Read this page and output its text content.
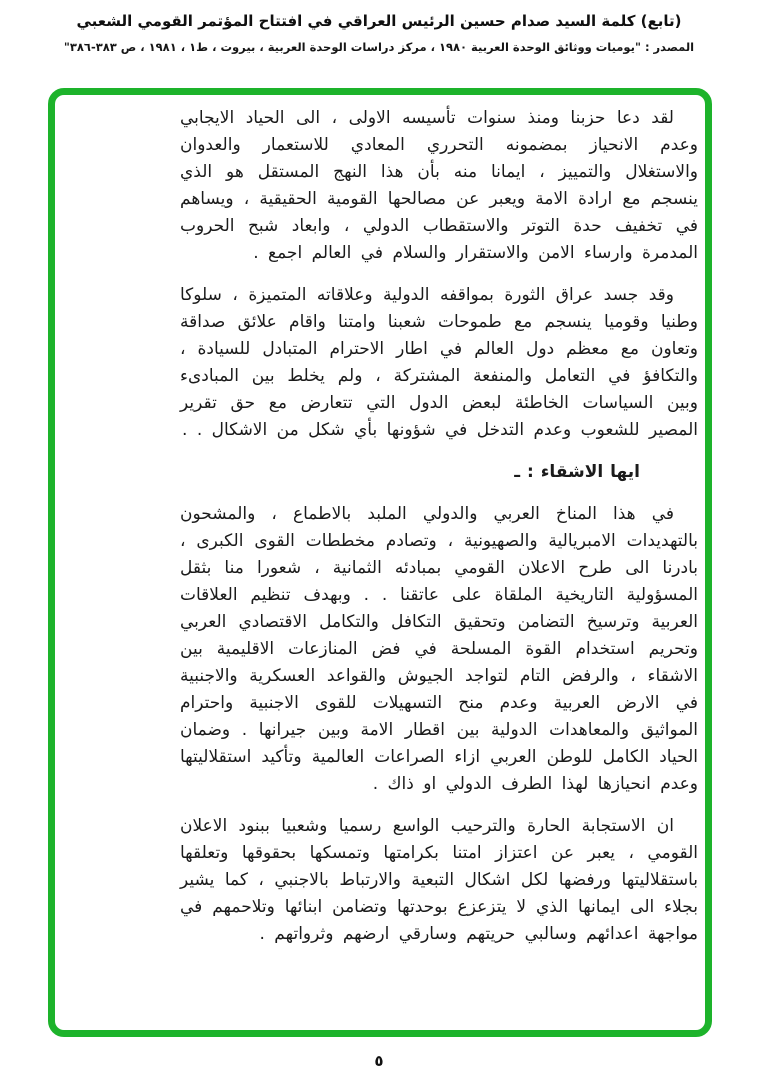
(تابع) كلمة السيد صدام حسين الرئيس العراقي في افتتاح المؤتمر القومي الشعبي
المصدر : "يوميات ووثائق الوحدة العربية ١٩٨٠ ، مركز دراسات الوحدة العربية ، بيروت ، ط١ ، ١٩٨١ ، ص ٣٨٣-٣٨٦"

لقد دعا حزبنا ومنذ سنوات تأسيسه الاولى ، الى الحياد الايجابي وعدم الانحياز بمضمونه التحرري المعادي للاستعمار والعدوان والاستغلال والتمييز ، ايمانا منه بأن هذا النهج المستقل هو الذي ينسجم مع ارادة الامة ويعبر عن مصالحها القومية الحقيقية ، ويساهم في تخفيف حدة التوتر والاستقطاب الدولي ، وابعاد شبح الحروب المدمرة وارساء الامن والاستقرار والسلام في العالم اجمع .

وقد جسد عراق الثورة بمواقفه الدولية وعلاقاته المتميزة ، سلوكا وطنيا وقوميا ينسجم مع طموحات شعبنا وامتنا واقام علائق صداقة وتعاون مع معظم دول العالم في اطار الاحترام المتبادل للسيادة ، والتكافؤ في التعامل والمنفعة المشتركة ، ولم يخلط بين المبادىء وبين السياسات الخاطئة لبعض الدول التي تتعارض مع حق تقرير المصير للشعوب وعدم التدخل في شؤونها بأي شكل من الاشكال . .

ايها الاشقاء : ـ

في هذا المناخ العربي والدولي الملبد بالاطماع ، والمشحون بالتهديدات الامبريالية والصهيونية ، وتصادم مخططات القوى الكبرى ، بادرنا الى طرح الاعلان القومي بمبادئه الثمانية ، شعورا منا بثقل المسؤولية التاريخية الملقاة على عاتقنا . . وبهدف تنظيم العلاقات العربية وترسيخ التضامن وتحقيق التكافل والتكامل الاقتصادي العربي وتحريم استخدام القوة المسلحة في فض المنازعات الاقليمية بين الاشقاء ، والرفض التام لتواجد الجيوش والقواعد العسكرية والاجنبية في الارض العربية وعدم منح التسهيلات للقوى الاجنبية واحترام المواثيق والمعاهدات الدولية بين اقطار الامة وبين جيرانها . وضمان الحياد الكامل للوطن العربي ازاء الصراعات العالمية وتأكيد استقلاليتها وعدم انحيازها لهذا الطرف الدولي او ذاك .

ان الاستجابة الحارة والترحيب الواسع رسميا وشعبيا ببنود الاعلان القومي ، يعبر عن اعتزاز امتنا بكرامتها وتمسكها بحقوقها وتعلقها باستقلاليتها ورفضها لكل اشكال التبعية والارتباط بالاجنبي ، كما يشير بجلاء الى ايمانها الذي لا يتزعزع بوحدتها وتضامن ابنائها وتلاحمهم في مواجهة اعدائهم وسالبي حريتهم وسارقي ارضهم وثرواتهم .

٥
